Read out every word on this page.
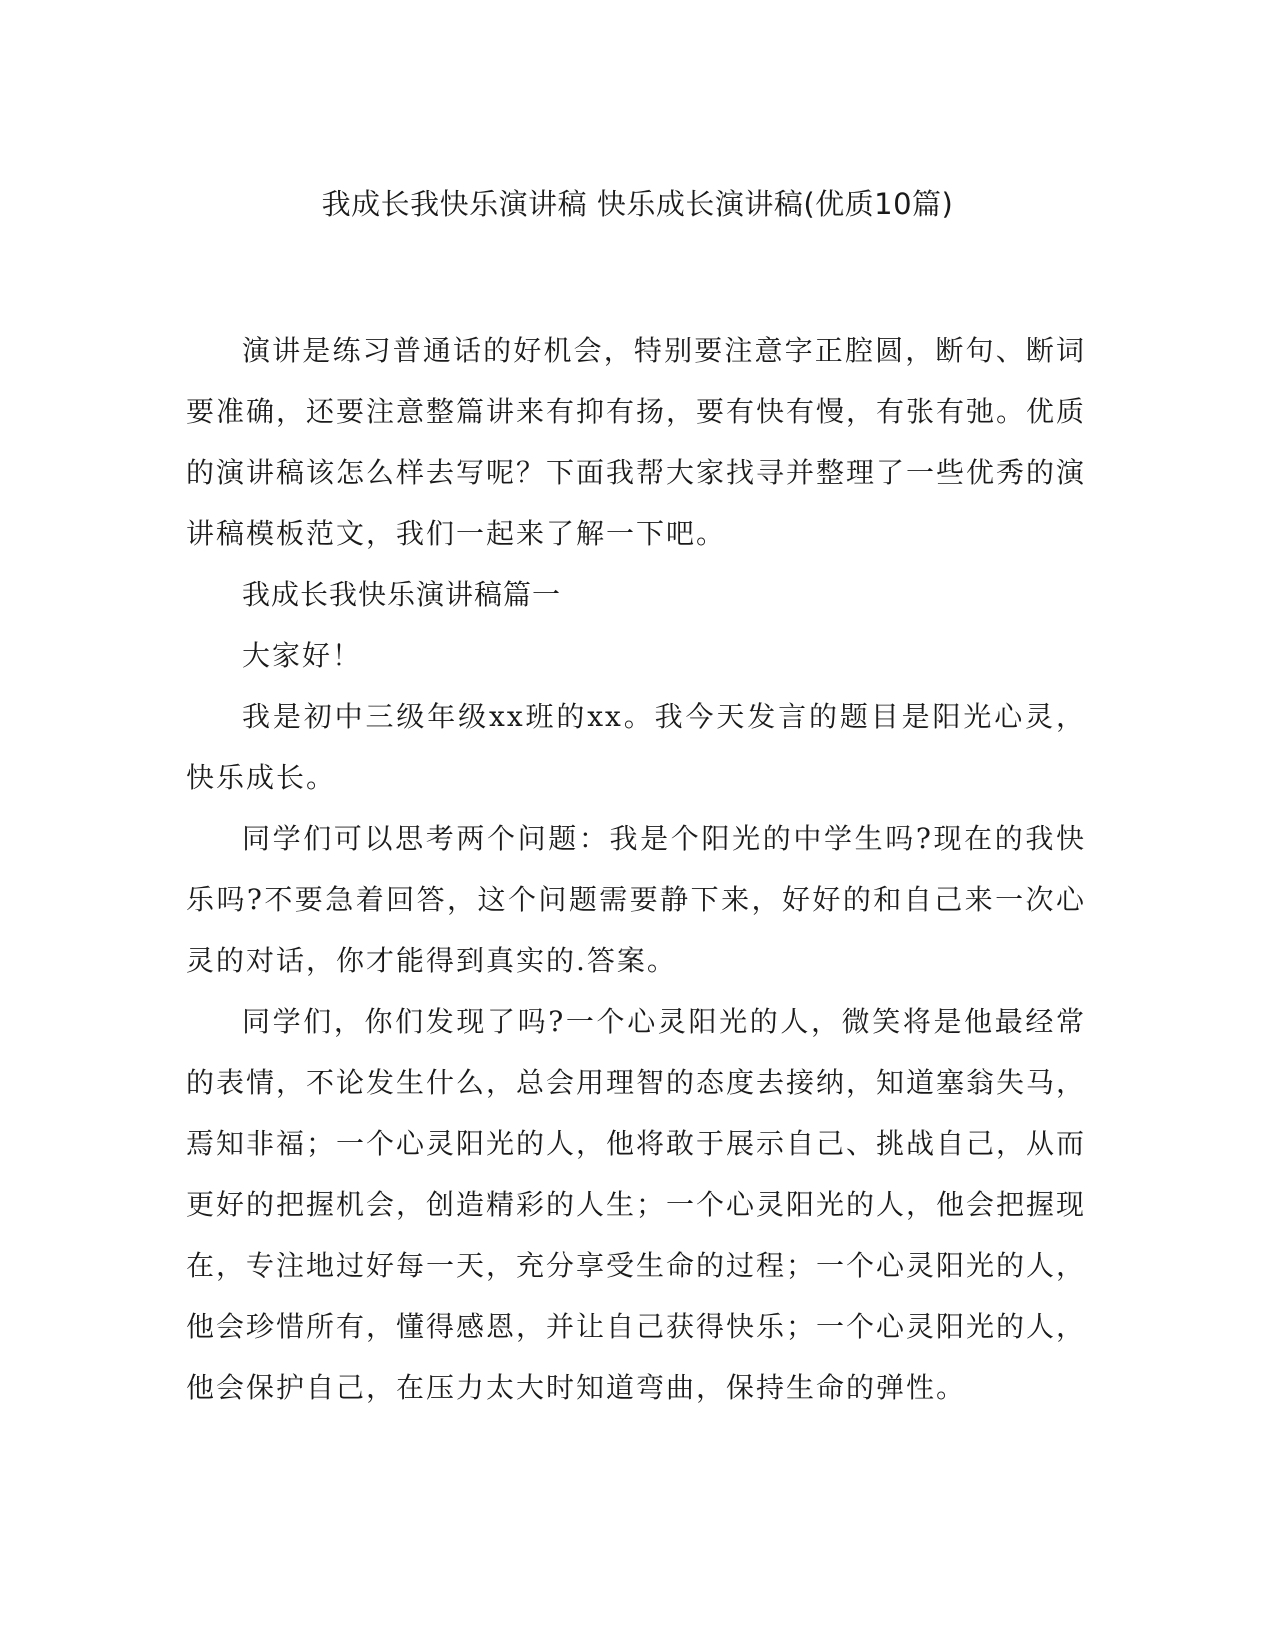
我成长我快乐演讲稿 快乐成长演讲稿(优质10篇)

演讲是练习普通话的好机会，特别要注意字正腔圆，断句、断词要准确，还要注意整篇讲来有抑有扬，要有快有慢，有张有弛。优质的演讲稿该怎么样去写呢？下面我帮大家找寻并整理了一些优秀的演讲稿模板范文，我们一起来了解一下吧。

我成长我快乐演讲稿篇一

大家好！

我是初中三级年级xx班的xx。我今天发言的题目是阳光心灵，快乐成长。

同学们可以思考两个问题：我是个阳光的中学生吗?现在的我快乐吗?不要急着回答，这个问题需要静下来，好好的和自己来一次心灵的对话，你才能得到真实的.答案。

同学们，你们发现了吗?一个心灵阳光的人，微笑将是他最经常的表情，不论发生什么，总会用理智的态度去接纳，知道塞翁失马，焉知非福；一个心灵阳光的人，他将敢于展示自己、挑战自己，从而更好的把握机会，创造精彩的人生；一个心灵阳光的人，他会把握现在，专注地过好每一天，充分享受生命的过程；一个心灵阳光的人，他会珍惜所有，懂得感恩，并让自己获得快乐；一个心灵阳光的人，他会保护自己，在压力太大时知道弯曲，保持生命的弹性。
